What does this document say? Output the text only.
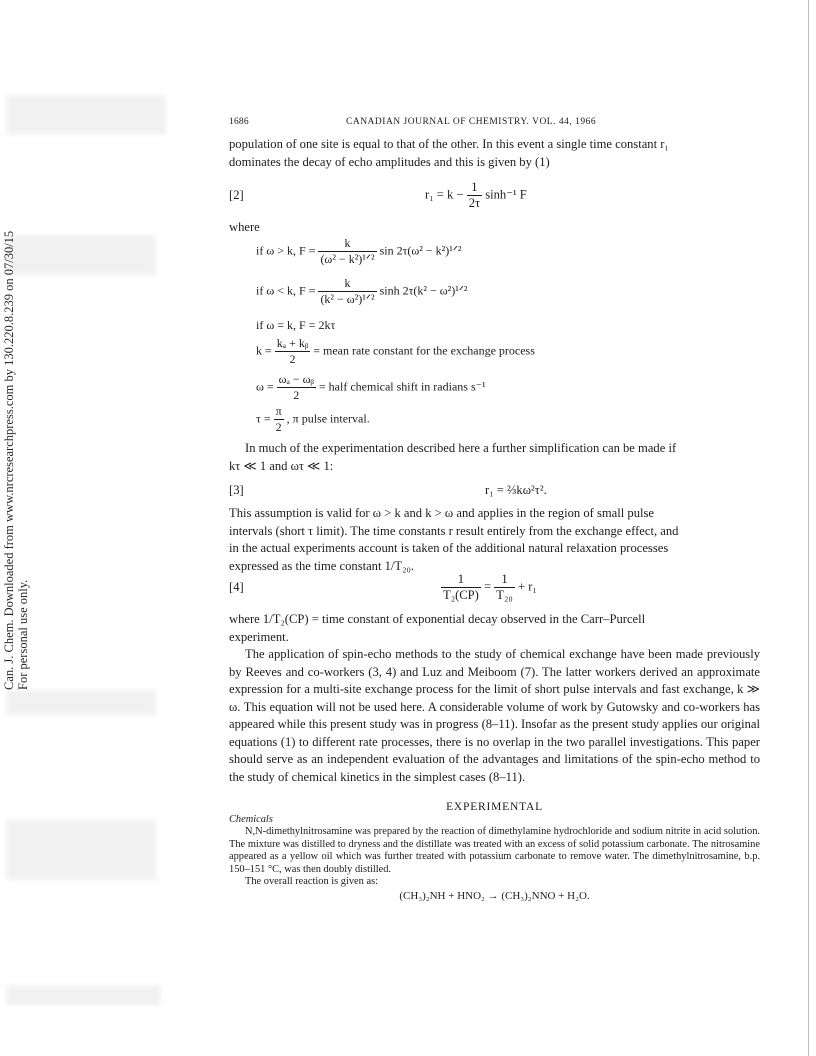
Can. J. Chem. Downloaded from www.nrcresearchpress.com by 130.220.8.239 on 07/30/15 For personal use only.
1686	CANADIAN JOURNAL OF CHEMISTRY. VOL. 44, 1966

population of one site is equal to that of the other. In this event a single time constant r₁

dominates the decay of echo amplitudes and this is given by (1)

[2]	$r_1 = k - \frac{1}{2\tau} \sinh^{-1}$ F
where
if ω > k, $F = \frac{k}{\text{(ω² − k²)¹ᐟ²}}$ sin 2τ(ω² − k²)¹ᐟ²
if ω < k, $F = \frac{k}{\text{(k² − ω²)¹ᐟ²}}$ sinh 2τ(k² − ω²)¹ᐟ²
if ω = k, F = 2kτ
$k = \frac{\text{kₐ + kᵦ}}{2}$ = mean rate constant for the exchange process
$\omega = \frac{\text{ωₐ − ωᵦ}}{2}$ = half chemical shift in radians s⁻¹
$\tau = \frac{\pi}{2}$ , π pulse interval.

In much of the experimentation described here a further simplification can be made if

kτ ≪ 1 and ωτ ≪ 1:

[3]	r₁ = ⅔kω²τ².

This assumption is valid for ω > k and k > ω and applies in the region of small pulse

intervals (short τ limit). The time constants r result entirely from the exchange effect, and

in the actual experiments account is taken of the additional natural relaxation processes

expressed as the time constant 1/T₂₀.

[4]	$\frac{1}{\text{T₂(CP)}} = \frac{1}{\text{T₂₀}} + r_1$

where 1/T₂(CP) = time constant of exponential decay observed in the Carr–Purcell

experiment.

The application of spin-echo methods to the study of chemical exchange have been made previously by Reeves and co-workers (3, 4) and Luz and Meiboom (7). The latter workers derived an approximate expression for a multi-site exchange process for the limit of short pulse intervals and fast exchange, k ≫ ω. This equation will not be used here. A considerable volume of work by Gutowsky and co-workers has appeared while this present study was in progress (8–11). Insofar as the present study applies our original equations (1) to different rate processes, there is no overlap in the two parallel investigations. This paper should serve as an independent evaluation of the advantages and limitations of the spin-echo method to the study of chemical kinetics in the simplest cases (8–11).

EXPERIMENTAL
Chemicals

N,N-dimethylnitrosamine was prepared by the reaction of dimethylamine hydrochloride and sodium nitrite in acid solution. The mixture was distilled to dryness and the distillate was treated with an excess of solid potassium carbonate. The nitrosamine appeared as a yellow oil which was further treated with potassium carbonate to remove water. The dimethylnitrosamine, b.p. 150–151 °C, was then doubly distilled.

The overall reaction is given as:

(CH₃)₂NH + HNO₂ → (CH₃)₂NNO + H₂O.
